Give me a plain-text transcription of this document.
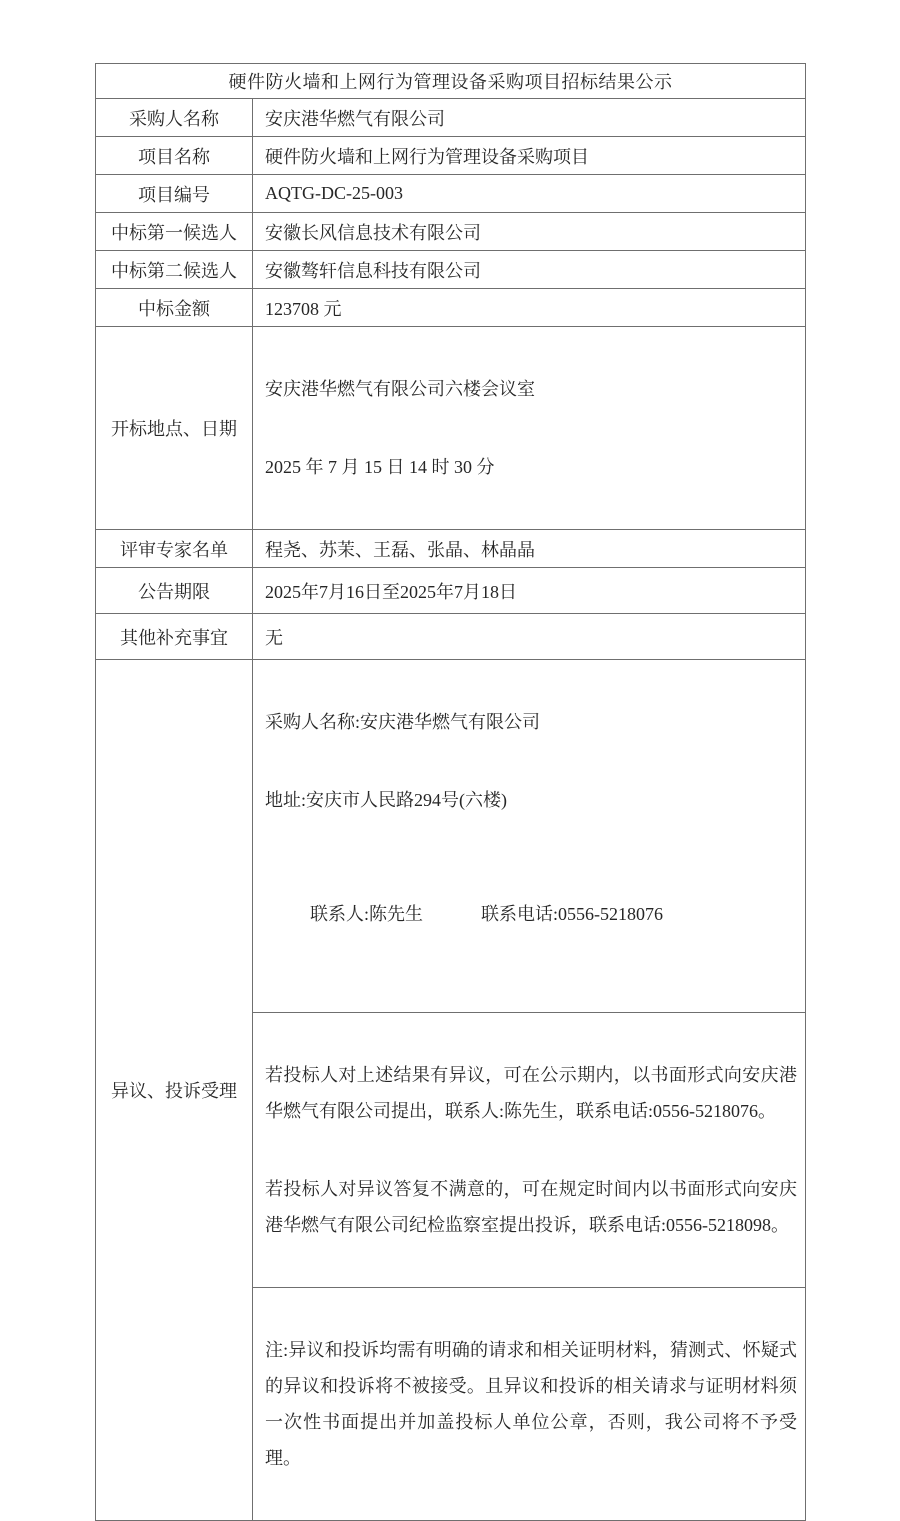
硬件防火墙和上网行为管理设备采购项目招标结果公示	
采购人名称	安庆港华燃气有限公司
项目名称	硬件防火墙和上网行为管理设备采购项目
项目编号	AQTG-DC-25-003
中标第一候选人	安徽长风信息技术有限公司
中标第二候选人	安徽骜轩信息科技有限公司
中标金额	123708 元
开标地点、日期	安庆港华燃气有限公司六楼会议室

2025 年 7 月 15 日 14 时 30 分

评审专家名单	程尧、苏茉、王磊、张晶、林晶晶
公告期限	2025年7月16日至2025年7月18日
其他补充事宜	无
异议、投诉受理	采购人名称:安庆港华燃气有限公司

地址:安庆市人民路294号(六楼)

联系人:陈先生 联系电话:0556-5218076

	若投标人对上述结果有异议，可在公示期内，以书面形式向安庆港华燃气有限公司提出，联系人:陈先生，联系电话:0556-5218076。

若投标人对异议答复不满意的，可在规定时间内以书面形式向安庆港华燃气有限公司纪检监察室提出投诉，联系电话:0556-5218098。

	注:异议和投诉均需有明确的请求和相关证明材料，猜测式、怀疑式的异议和投诉将不被接受。且异议和投诉的相关请求与证明材料须一次性书面提出并加盖投标人单位公章，否则，我公司将不予受理。
